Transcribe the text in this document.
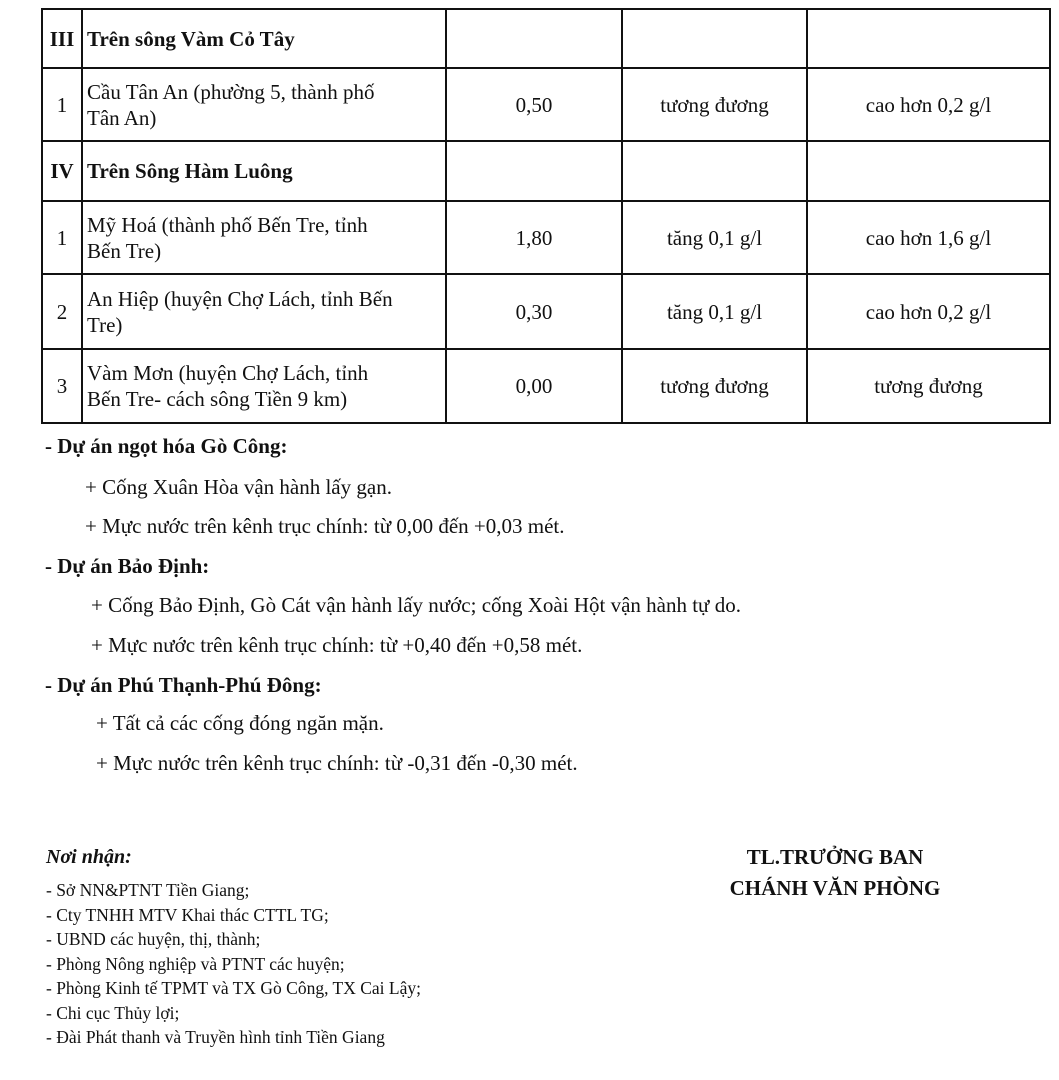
III	Trên sông Vàm Cỏ Tây			
1	Cầu Tân An (phường 5, thành phố
Tân An)	0,50	tương đương	cao hơn 0,2 g/l
IV	Trên Sông Hàm Luông			
1	Mỹ Hoá (thành phố Bến Tre, tỉnh
Bến Tre)	1,80	tăng 0,1 g/l	cao hơn 1,6 g/l
2	An Hiệp (huyện Chợ Lách, tỉnh Bến
Tre)	0,30	tăng 0,1 g/l	cao hơn 0,2 g/l
3	Vàm Mơn (huyện Chợ Lách, tỉnh
Bến Tre- cách sông Tiền 9 km)	0,00	tương đương	tương đương
- Dự án ngọt hóa Gò Công:
+ Cống Xuân Hòa vận hành lấy gạn.
+ Mực nước trên kênh trục chính: từ 0,00 đến +0,03 mét.
- Dự án Bảo Định:
+ Cống Bảo Định, Gò Cát vận hành lấy nước; cống Xoài Hột vận hành tự do.
+ Mực nước trên kênh trục chính: từ +0,40 đến +0,58 mét.
- Dự án Phú Thạnh-Phú Đông:
+ Tất cả các cống đóng ngăn mặn.
+ Mực nước trên kênh trục chính: từ -0,31 đến -0,30 mét.
Nơi nhận:
- Sở NN&PTNT Tiền Giang;
- Cty TNHH MTV Khai thác CTTL TG;
- UBND các huyện, thị, thành;
- Phòng Nông nghiệp và PTNT các huyện;
- Phòng Kinh tế TPMT và TX Gò Công, TX Cai Lậy;
- Chi cục Thủy lợi;
- Đài Phát thanh và Truyền hình tỉnh Tiền Giang
TL.TRƯỞNG BAN
CHÁNH VĂN PHÒNG
